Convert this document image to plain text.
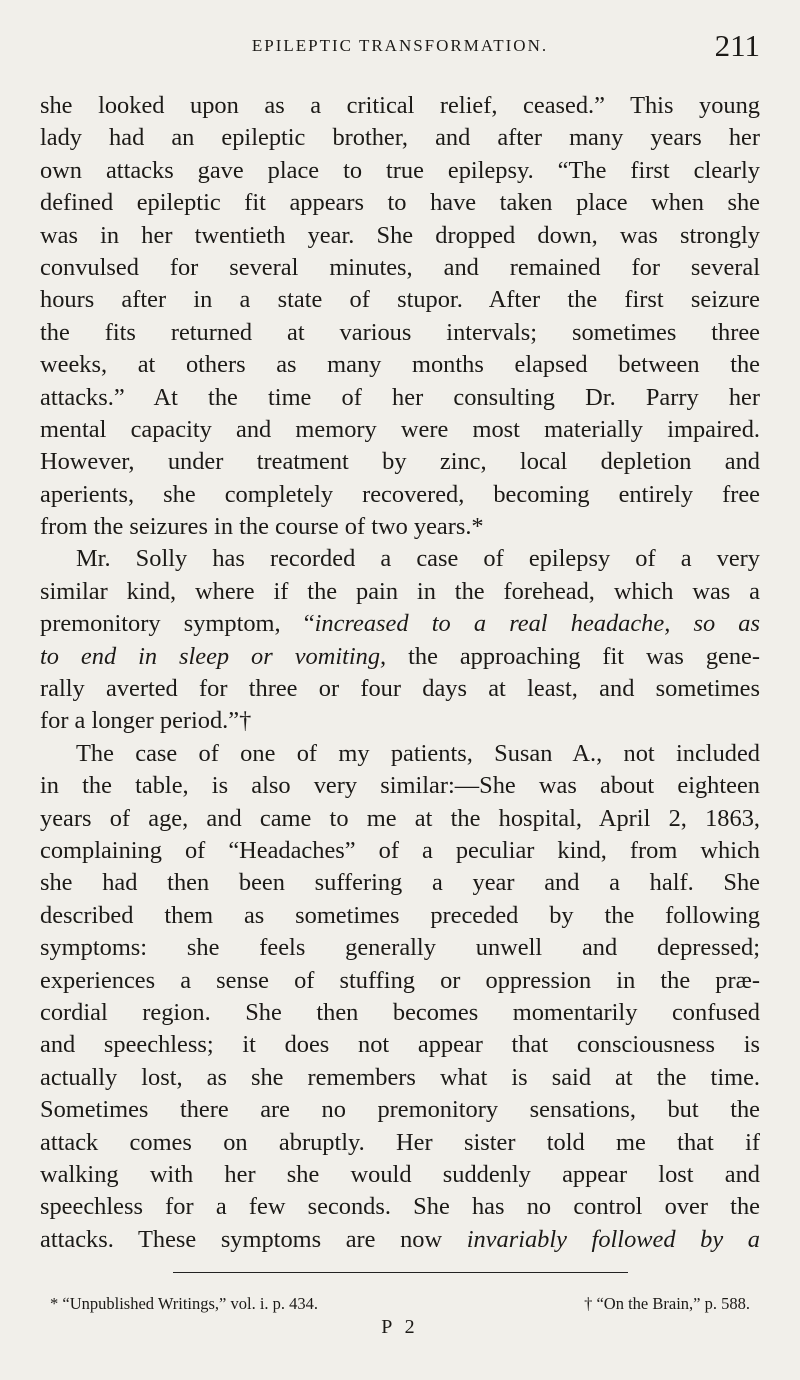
EPILEPTIC TRANSFORMATION.	211
she looked upon as a critical relief, ceased.” This young
lady had an epileptic brother, and after many years her
own attacks gave place to true epilepsy. “The first clearly
defined epileptic fit appears to have taken place when she
was in her twentieth year. She dropped down, was strongly
convulsed for several minutes, and remained for several
hours after in a state of stupor. After the first seizure
the fits returned at various intervals; sometimes three
weeks, at others as many months elapsed between the
attacks.” At the time of her consulting Dr. Parry her
mental capacity and memory were most materially impaired.
However, under treatment by zinc, local depletion and
aperients, she completely recovered, becoming entirely free
from the seizures in the course of two years.*
Mr. Solly has recorded a case of epilepsy of a very
similar kind, where if the pain in the forehead, which was a
premonitory symptom, “increased to a real headache, so as
to end in sleep or vomiting, the approaching fit was gene-
rally averted for three or four days at least, and sometimes
for a longer period.”†
The case of one of my patients, Susan A., not included
in the table, is also very similar:—She was about eighteen
years of age, and came to me at the hospital, April 2, 1863,
complaining of “Headaches” of a peculiar kind, from which
she had then been suffering a year and a half. She
described them as sometimes preceded by the following
symptoms: she feels generally unwell and depressed;
experiences a sense of stuffing or oppression in the præ-
cordial region. She then becomes momentarily confused
and speechless; it does not appear that consciousness is
actually lost, as she remembers what is said at the time.
Sometimes there are no premonitory sensations, but the
attack comes on abruptly. Her sister told me that if
walking with her she would suddenly appear lost and
speechless for a few seconds. She has no control over the
attacks. These symptoms are now invariably followed by a
* “Unpublished Writings,” vol. i. p. 434.	† “On the Brain,” p. 588.
P 2
